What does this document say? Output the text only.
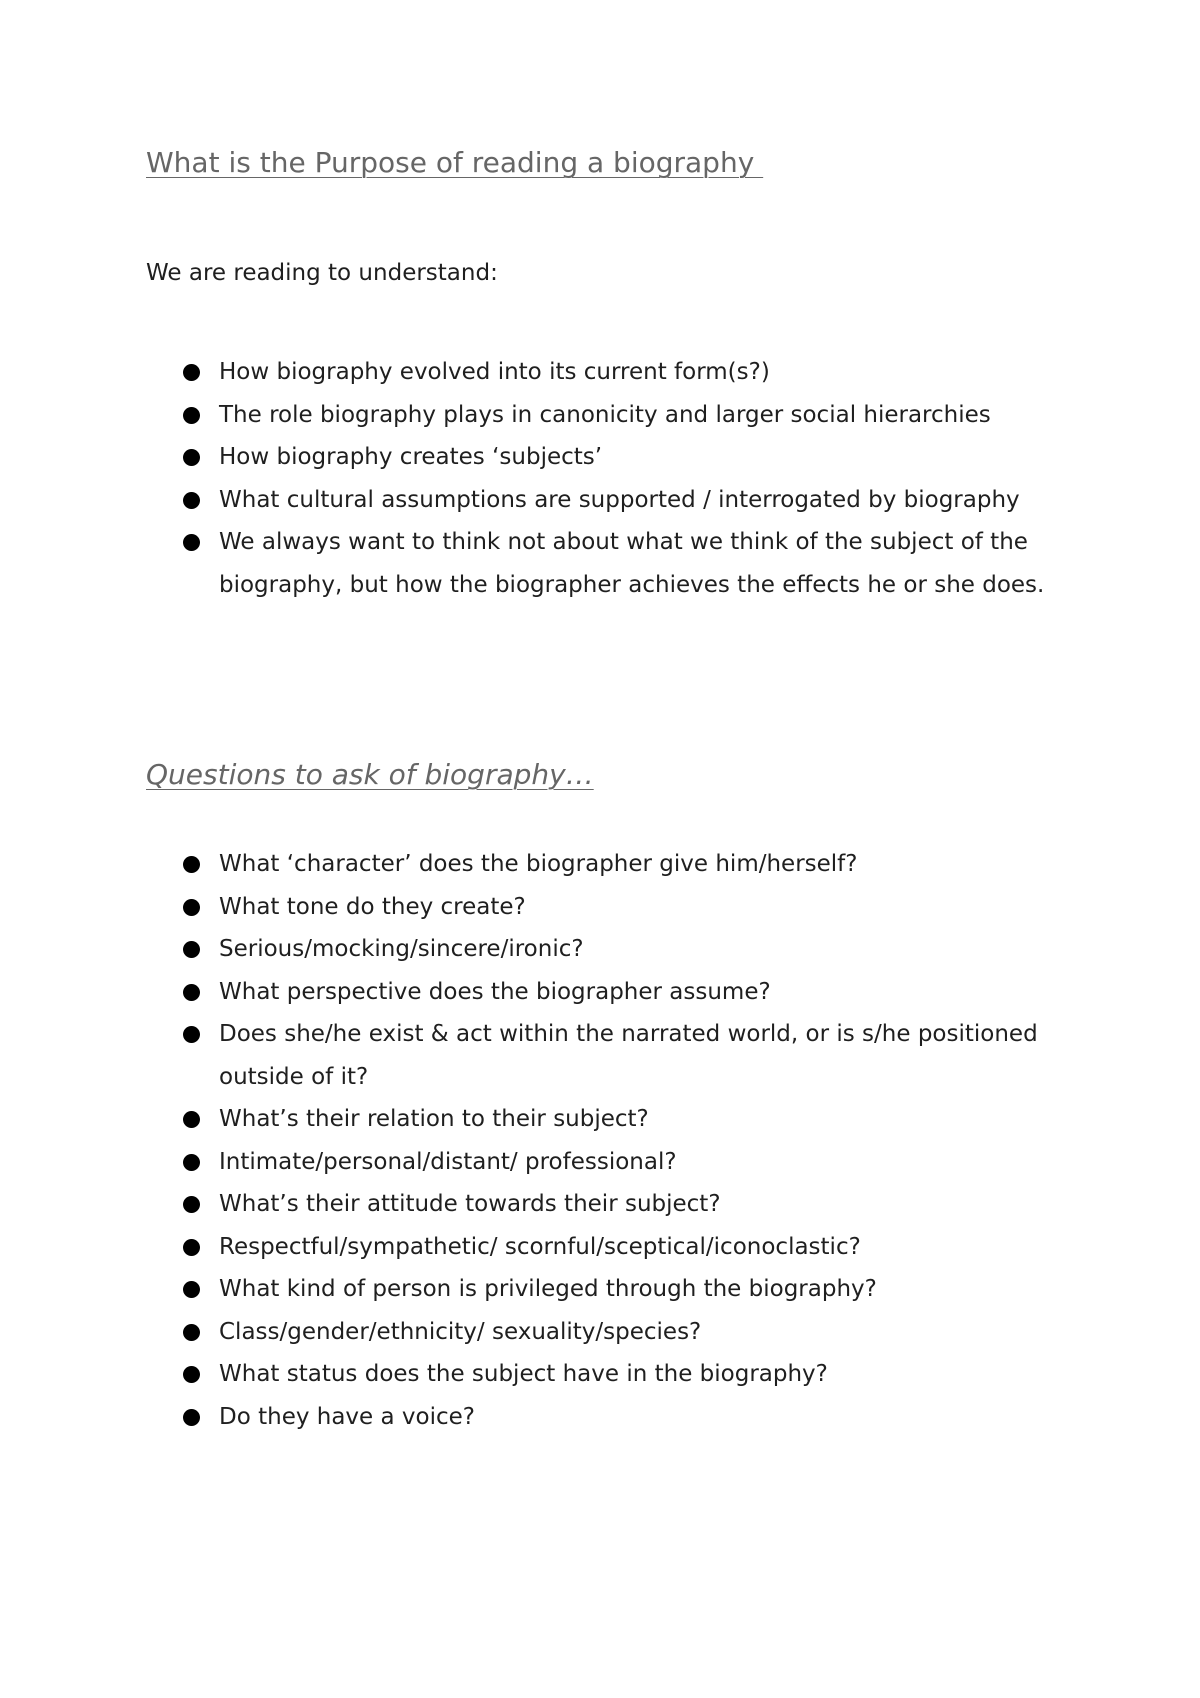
What is the Purpose of reading a biography

We are reading to understand:

How biography evolved into its current form(s?)
The role biography plays in canonicity and larger social hierarchies
How biography creates ‘subjects’
What cultural assumptions are supported / interrogated by biography
We always want to think not about what we think of the subject of the biography, but how the biographer achieves the effects he or she does.
Questions to ask of biography…
What ‘character’ does the biographer give him/herself?
What tone do they create?
Serious/mocking/sincere/ironic?
What perspective does the biographer assume?
Does she/he exist & act within the narrated world, or is s/he positioned outside of it?
What’s their relation to their subject?
Intimate/personal/distant/ professional?
What’s their attitude towards their subject?
Respectful/sympathetic/ scornful/sceptical/iconoclastic?
What kind of person is privileged through the biography?
Class/gender/ethnicity/ sexuality/species?
What status does the subject have in the biography?
Do they have a voice?
